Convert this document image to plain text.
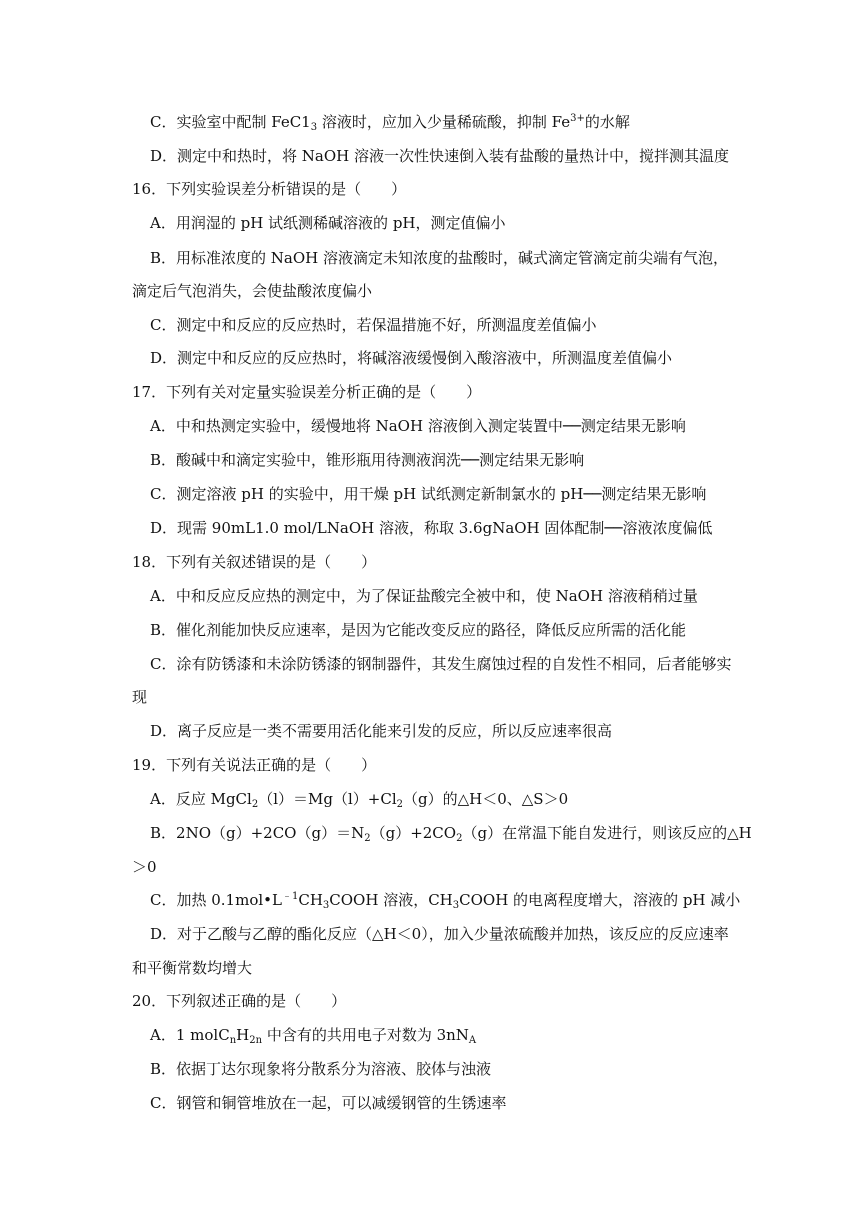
C．实验室中配制 $FeC1_3$ 溶液时，应加入少量稀硫酸，抑制 $Fe^{3+}$的水解
D．测定中和热时，将 NaOH 溶液一次性快速倒入装有盐酸的量热计中，搅拌测其温度
16．下列实验误差分析错误的是（　　）
A．用润湿的 pH 试纸测稀碱溶液的 pH，测定值偏小
B．用标准浓度的 NaOH 溶液滴定未知浓度的盐酸时，碱式滴定管滴定前尖端有气泡，
滴定后气泡消失，会使盐酸浓度偏小
C．测定中和反应的反应热时，若保温措施不好，所测温度差值偏小
D．测定中和反应的反应热时，将碱溶液缓慢倒入酸溶液中，所测温度差值偏小
17．下列有关对定量实验误差分析正确的是（　　）
A．中和热测定实验中，缓慢地将 NaOH 溶液倒入测定装置中──测定结果无影响
B．酸碱中和滴定实验中，锥形瓶用待测液润洗──测定结果无影响
C．测定溶液 pH 的实验中，用干燥 pH 试纸测定新制氯水的 pH──测定结果无影响
D．现需 90mL1.0 mol/LNaOH 溶液，称取 3.6gNaOH 固体配制──溶液浓度偏低
18．下列有关叙述错误的是（　　）
A．中和反应反应热的测定中，为了保证盐酸完全被中和，使 NaOH 溶液稍稍过量
B．催化剂能加快反应速率，是因为它能改变反应的路径，降低反应所需的活化能
C．涂有防锈漆和未涂防锈漆的钢制器件，其发生腐蚀过程的自发性不相同，后者能够实
现
D．离子反应是一类不需要用活化能来引发的反应，所以反应速率很高
19．下列有关说法正确的是（　　）
A．反应 $MgCl_2(l)=Mg(l)+Cl_2(g)$的△H＜0、△S＞0
B．$2NO(g)+2CO(g)=N_2(g)+2CO_2(g)$在常温下能自发进行，则该反应的△H
＞0
C．加热 $0.1mol•L^{﹣1}CH_3COOH$ 溶液，$CH_3COOH$ 的电离程度增大，溶液的 pH 减小
D．对于乙酸与乙醇的酯化反应（△H＜0），加入少量浓硫酸并加热，该反应的反应速率
和平衡常数均增大
20．下列叙述正确的是（　　）
A．1 $molC_nH_{2n}$ 中含有的共用电子对数为 $3nN_A$
B．依据丁达尔现象将分散系分为溶液、胶体与浊液
C．钢管和铜管堆放在一起，可以减缓钢管的生锈速率
